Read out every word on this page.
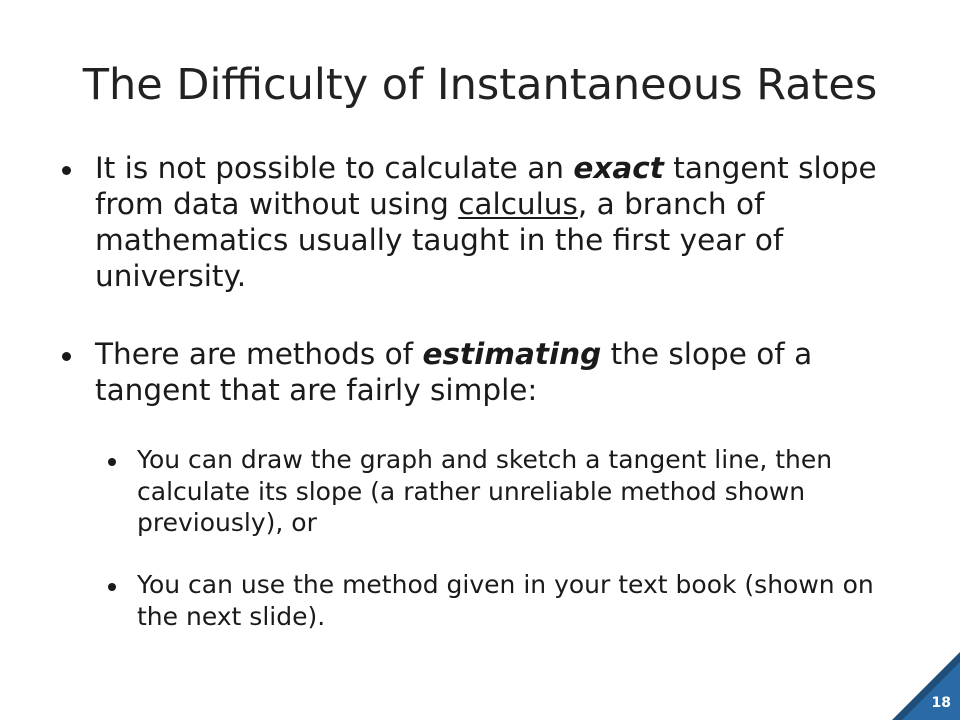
The Difficulty of Instantaneous Rates
It is not possible to calculate an exact tangent slope from data without using calculus, a branch of mathematics usually taught in the first year of university.
There are methods of estimating the slope of a tangent that are fairly simple:
You can draw the graph and sketch a tangent line, then calculate its slope (a rather unreliable method shown previously), or
You can use the method given in your text book (shown on the next slide).
18
